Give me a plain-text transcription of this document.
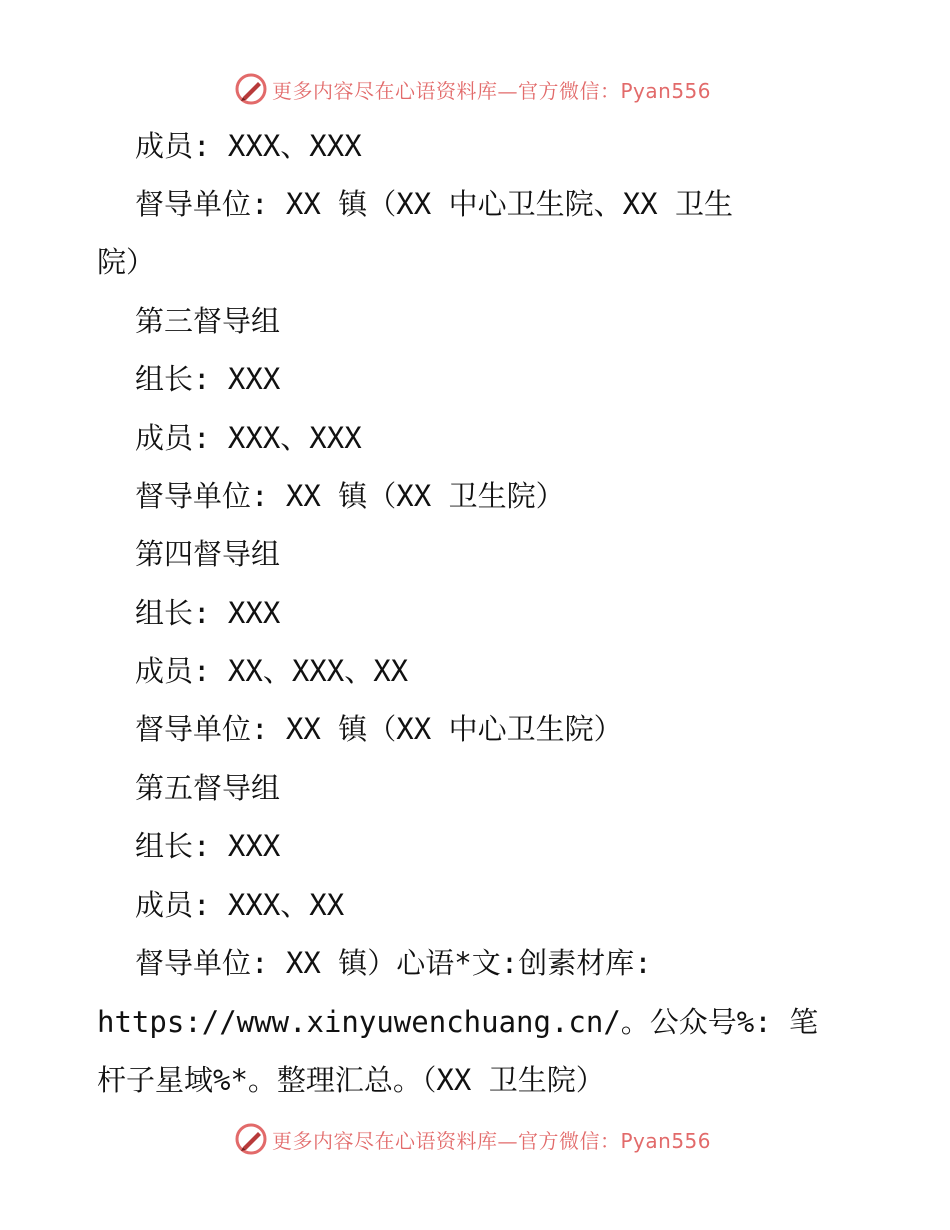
更多内容尽在心语资料库—官方微信：Pyan556
成员: XXX、XXX
督导单位: XX 镇（XX 中心卫生院、XX 卫生
院）
第三督导组
组长: XXX
成员: XXX、XXX
督导单位: XX 镇（XX 卫生院）
第四督导组
组长: XXX
成员: XX、XXX、XX
督导单位: XX 镇（XX 中心卫生院）
第五督导组
组长: XXX
成员: XXX、XX
督导单位: XX 镇）心语*文:创素材库:
https://www.xinyuwenchuang.cn/。公众号%: 笔
杆子星域%*。整理汇总。（XX 卫生院）
更多内容尽在心语资料库—官方微信：Pyan556
